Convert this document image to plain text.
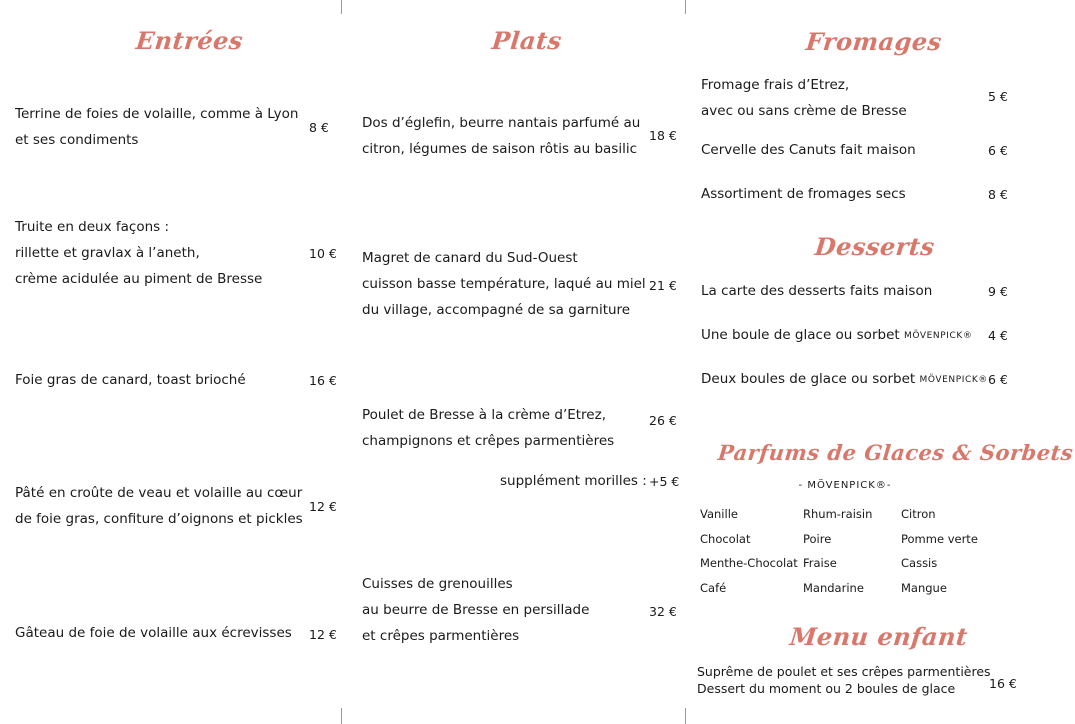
Entrées
Terrine de foies de volaille, comme à Lyon
et ses condiments
8 €
Truite en deux façons :
rillette et gravlax à l’aneth,
crème acidulée au piment de Bresse
10 €
Foie gras de canard, toast brioché	16 €
Pâté en croûte de veau et volaille au cœur
de foie gras, confiture d’oignons et pickles
12 €
Gâteau de foie de volaille aux écrevisses 12 €
Plats
Dos d’églefin, beurre nantais parfumé au
citron, légumes de saison rôtis au basilic
18 €
Magret de canard du Sud-Ouest
cuisson basse température, laqué au miel
du village, accompagné de sa garniture
21 €
Poulet de Bresse à la crème d’Etrez,
champignons et crêpes parmentières
26 €
supplément morilles : +5 €
Cuisses de grenouilles
au beurre de Bresse en persillade
et crêpes parmentières
32 €
Fromages
Fromage frais d’Etrez,
avec ou sans crème de Bresse
5 €
Cervelle des Canuts fait maison	6 €
Assortiment de fromages secs	8 €
Desserts
La carte des desserts faits maison	9 €
Une boule de glace ou sorbet MÖVENPICK® 4 €
Deux boules de glace ou sorbet MÖVENPICK® 6 €
Parfums de Glaces & Sorbets
- MÖVENPICK®-
Vanille	Rhum-raisin	Citron
Chocolat	Poire	Pomme verte
Menthe-Chocolat Fraise	Cassis
Café	Mandarine	Mangue
Menu enfant
Suprême de poulet et ses crêpes parmentières
Dessert du moment ou 2 boules de glace	16 €
